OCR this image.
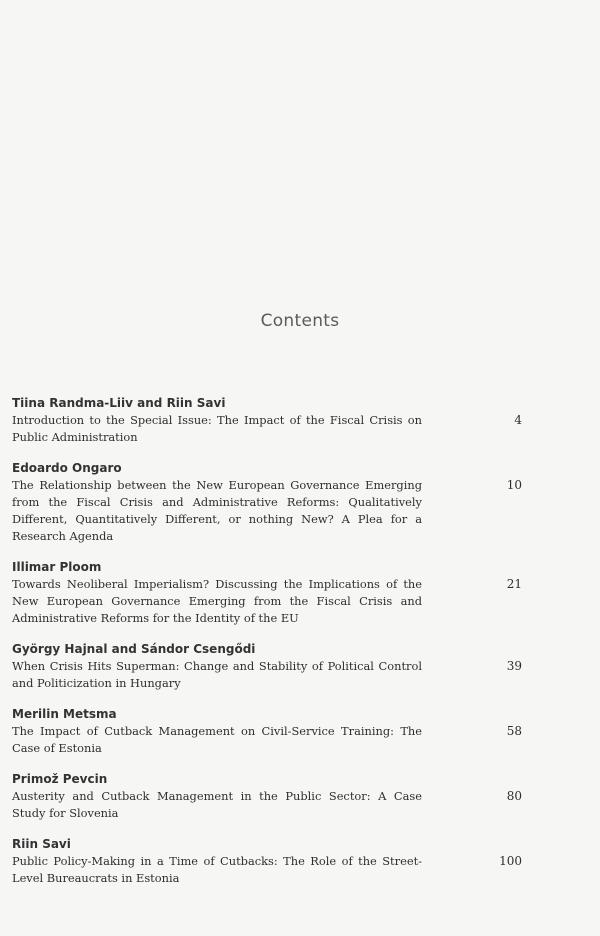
Contents
Tiina Randma-Liiv and Riin Savi
Introduction to the Special Issue: The Impact of the Fiscal Crisis on Public Administration
4
Edoardo Ongaro
The Relationship between the New European Governance Emerging from the Fiscal Crisis and Administrative Reforms: Qualitatively Different, Quantitatively Different, or nothing New? A Plea for a Research Agenda
10
Illimar Ploom
Towards Neoliberal Imperialism? Discussing the Implications of the New European Governance Emerging from the Fiscal Crisis and Administrative Reforms for the Identity of the EU
21
György Hajnal and Sándor Csengődi
When Crisis Hits Superman: Change and Stability of Political Control and Politicization in Hungary
39
Merilin Metsma
The Impact of Cutback Management on Civil-Service Training: The Case of Estonia
58
Primož Pevcin
Austerity and Cutback Management in the Public Sector: A Case Study for Slovenia
80
Riin Savi
Public Policy-Making in a Time of Cutbacks: The Role of the Street-Level Bureaucrats in Estonia
100
